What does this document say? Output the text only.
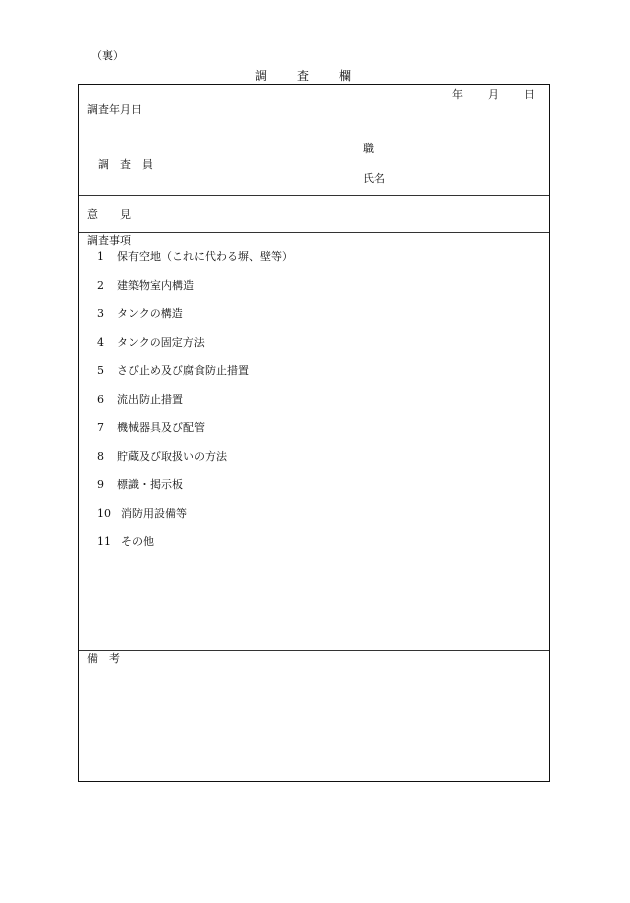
（裏）
調	査	欄
年 月 日
調査年月日
職
調　査　員
氏名
意　　見
調査事項
1 保有空地（これに代わる塀、壁等）
2 建築物室内構造
3 タンクの構造
4 タンクの固定方法
5 さび止め及び腐食防止措置
6 流出防止措置
7 機械器具及び配管
8 貯蔵及び取扱いの方法
9 標識・掲示板
10 消防用設備等
11 その他
備　考
